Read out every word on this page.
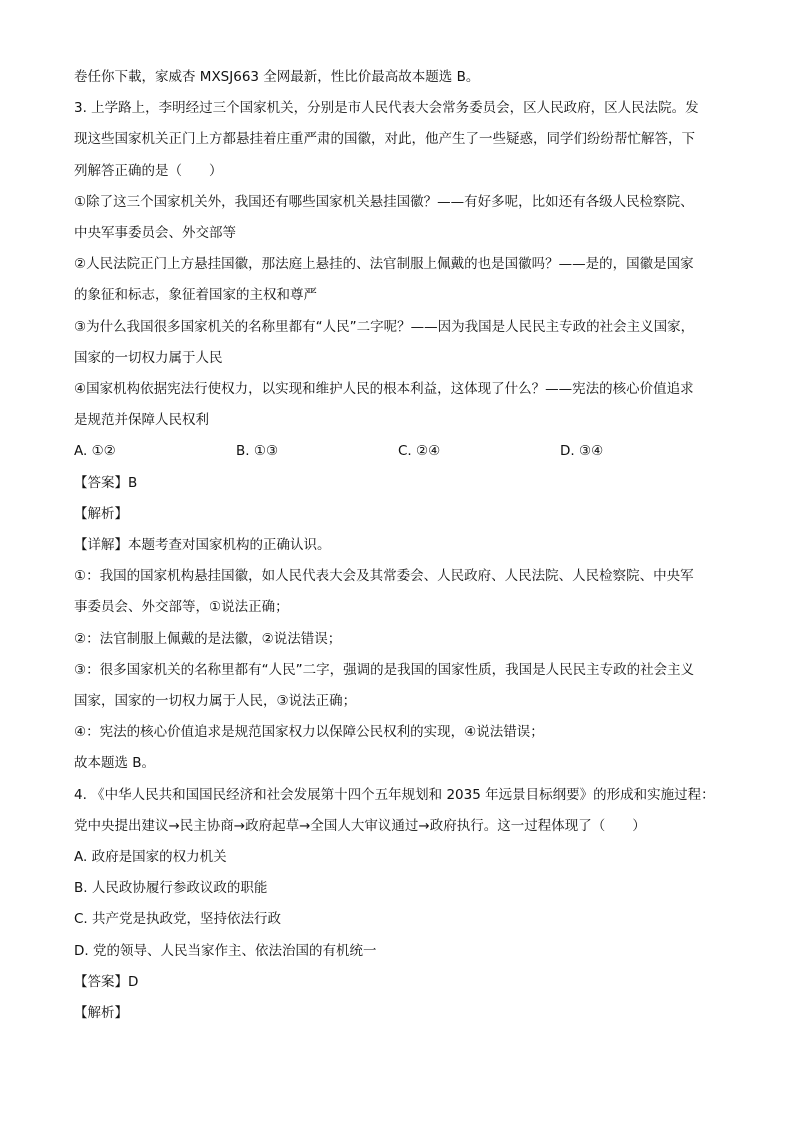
卷任你下載，家威杏 MXSJ663 全网最新，性比价最高故本题选 B。
3. 上学路上，李明经过三个国家机关，分别是市人民代表大会常务委员会，区人民政府，区人民法院。发
现这些国家机关正门上方都悬挂着庄重严肃的国徽，对此，他产生了一些疑惑，同学们纷纷帮忙解答，下
列解答正确的是（　　）
①除了这三个国家机关外，我国还有哪些国家机关悬挂国徽？——有好多呢，比如还有各级人民检察院、
中央军事委员会、外交部等
②人民法院正门上方悬挂国徽，那法庭上悬挂的、法官制服上佩戴的也是国徽吗？——是的，国徽是国家
的象征和标志，象征着国家的主权和尊严
③为什么我国很多国家机关的名称里都有“人民”二字呢？——因为我国是人民民主专政的社会主义国家，
国家的一切权力属于人民
④国家机构依据宪法行使权力，以实现和维护人民的根本利益，这体现了什么？——宪法的核心价值追求
是规范并保障人民权利
A. ①②	B. ①③	C. ②④	D. ③④
【答案】B
【解析】
【详解】本题考查对国家机构的正确认识。
①：我国的国家机构悬挂国徽，如人民代表大会及其常委会、人民政府、人民法院、人民检察院、中央军
事委员会、外交部等，①说法正确；
②：法官制服上佩戴的是法徽，②说法错误；
③：很多国家机关的名称里都有“人民”二字，强调的是我国的国家性质，我国是人民民主专政的社会主义
国家，国家的一切权力属于人民，③说法正确；
④：宪法的核心价值追求是规范国家权力以保障公民权利的实现，④说法错误；
故本题选 B。
4. 《中华人民共和国国民经济和社会发展第十四个五年规划和 2035 年远景目标纲要》的形成和实施过程：
党中央提出建议→民主协商→政府起草→全国人大审议通过→政府执行。这一过程体现了（　　）
A. 政府是国家的权力机关
B. 人民政协履行参政议政的职能
C. 共产党是执政党，坚持依法行政
D. 党的领导、人民当家作主、依法治国的有机统一
【答案】D
【解析】
